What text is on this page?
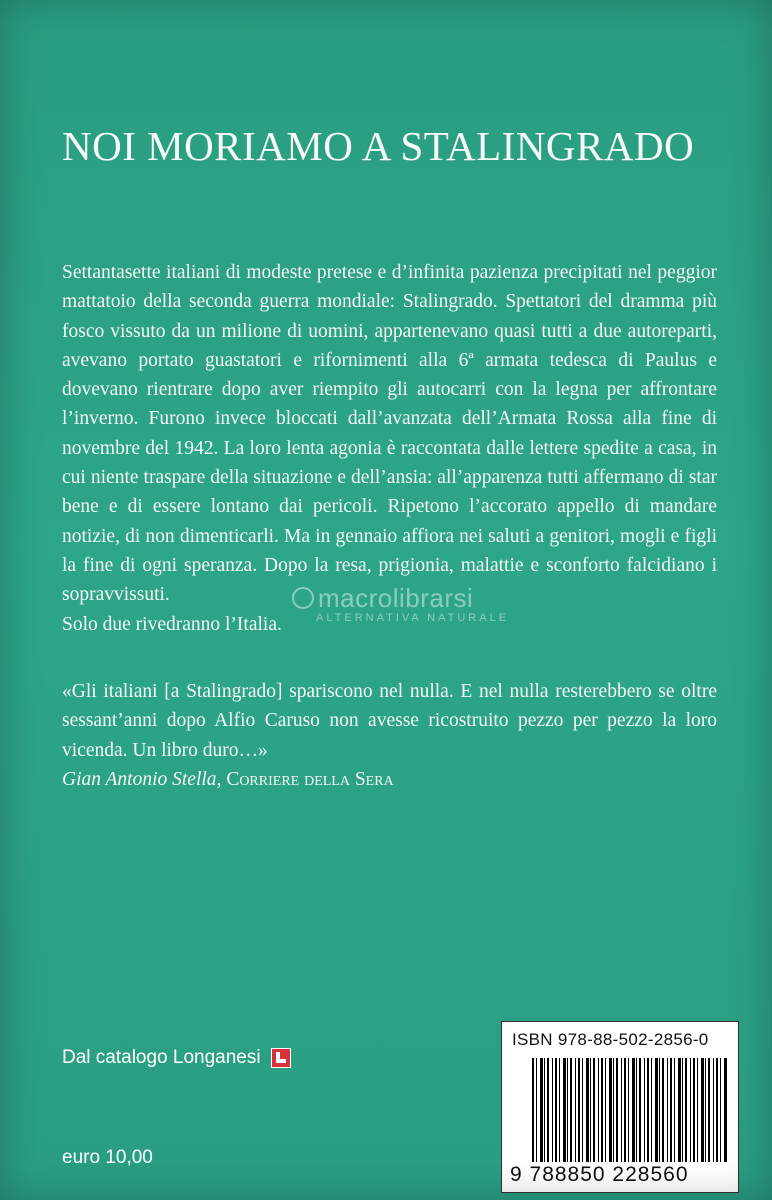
NOI MORIAMO A STALINGRADO

Settantasette italiani di modeste pretese e d’infinita pazienza precipitati nel peggior mattatoio della seconda guerra mondiale: Stalingrado. Spettatori del dramma più fosco vissuto da un milione di uomini, appartenevano quasi tutti a due autoreparti, avevano portato guastatori e rifornimenti alla 6ª armata tedesca di Paulus e dovevano rientrare dopo aver riempito gli autocarri con la legna per affrontare l’inverno. Furono invece bloccati dall’avanzata dell’Armata Rossa alla fine di novembre del 1942. La loro lenta agonia è raccontata dalle lettere spedite a casa, in cui niente traspare della situazione e dell’ansia: all’apparenza tutti affermano di star bene e di essere lontano dai pericoli. Ripetono l’accorato appello di mandare notizie, di non dimenticarli. Ma in gennaio affiora nei saluti a genitori, mogli e figli la fine di ogni speranza. Dopo la resa, prigionia, malattie e sconforto falcidiano i sopravvissuti.

Solo due rivedranno l’Italia.

macrolibrarsi
ALTERNATIVA NATURALE

«Gli italiani [a Stalingrado] spariscono nel nulla. E nel nulla resterebbero se oltre sessant’anni dopo Alfio Caruso non avesse ricostruito pezzo per pezzo la loro vicenda. Un libro duro…»

Gian Antonio Stella, Corriere della Sera

Dal catalogo Longanesi
euro 10,00
ISBN 978-88-502-2856-0
9 788850 228560
